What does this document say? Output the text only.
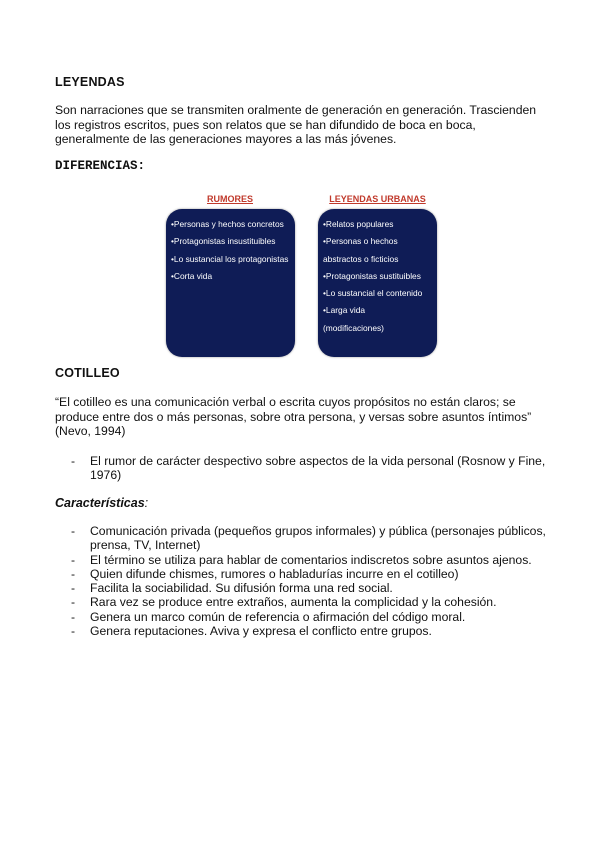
LEYENDAS
Son narraciones que se transmiten oralmente de generación en generación. Trascienden los registros escritos, pues son relatos que se han difundido de boca en boca, generalmente de las generaciones mayores a las más jóvenes.
DIFERENCIAS:
RUMORES
•Personas y hechos concretos
•Protagonistas insustituibles
•Lo sustancial los protagonistas
•Corta vida
LEYENDAS URBANAS
•Relatos populares
•Personas o hechos
abstractos o ficticios
•Protagonistas sustituibles
•Lo sustancial el contenido
•Larga vida
(modificaciones)
COTILLEO
“El cotilleo es una comunicación verbal o escrita cuyos propósitos no están claros; se produce entre dos o más personas, sobre otra persona, y versas sobre asuntos íntimos” (Nevo, 1994)
- El rumor de carácter despectivo sobre aspectos de la vida personal (Rosnow y Fine, 1976)
Características:
- Comunicación privada (pequeños grupos informales) y pública (personajes públicos, prensa, TV, Internet)
- El término se utiliza para hablar de comentarios indiscretos sobre asuntos ajenos.
- Quien difunde chismes, rumores o habladurías incurre en el cotilleo)
- Facilita la sociabilidad. Su difusión forma una red social.
- Rara vez se produce entre extraños, aumenta la complicidad y la cohesión.
- Genera un marco común de referencia o afirmación del código moral.
- Genera reputaciones. Aviva y expresa el conflicto entre grupos.
